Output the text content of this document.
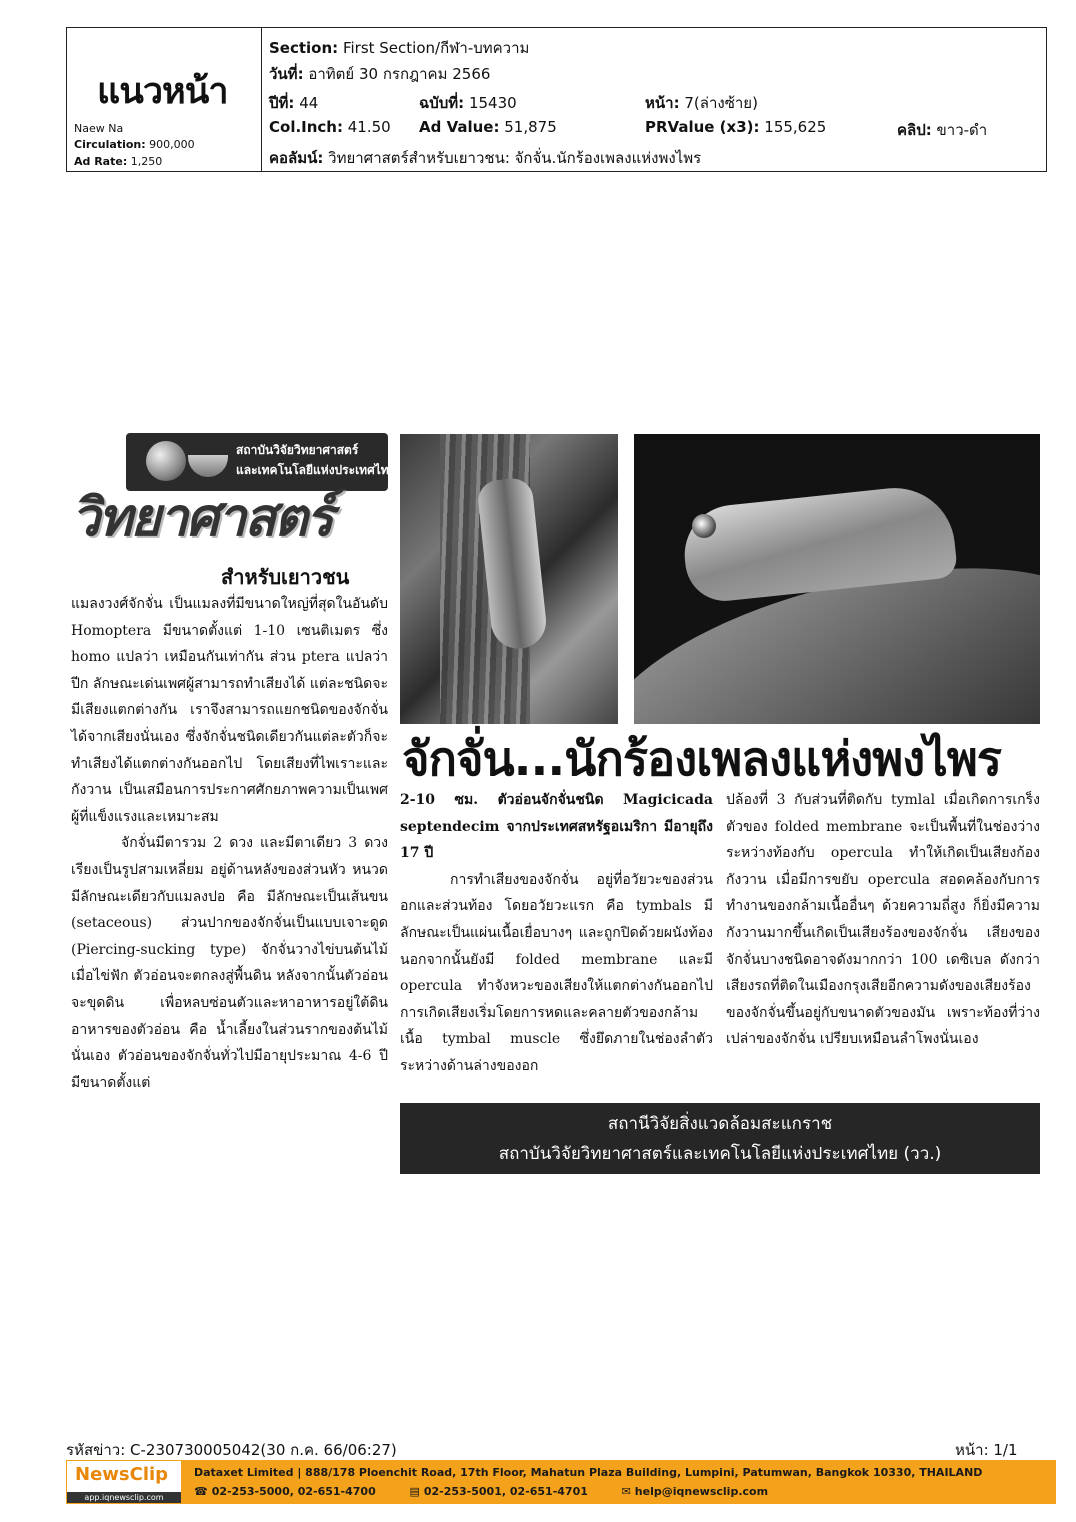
แนวหน้า
Naew Na
Circulation: 900,000
Ad Rate: 1,250
Section: First Section/กีฬา-บทความ
วันที่: อาทิตย์ 30 กรกฎาคม 2566
ปีที่: 44	ฉบับที่: 15430	หน้า: 7(ล่างซ้าย)
Col.Inch: 41.50 Ad Value: 51,875	PRValue (x3): 155,625	คลิป: ขาว-ดำ
คอลัมน์: วิทยาศาสตร์สำหรับเยาวชน: จักจั่น.นักร้องเพลงแห่งพงไพร
สถาบันวิจัยวิทยาศาสตร์
และเทคโนโลยีแห่งประเทศไทย
วิทยาศาสตร์
สำหรับเยาวชน

แมลงวงศ์จักจั่น เป็นแมลงที่มีขนาดใหญ่ที่สุดในอันดับ Homoptera มีขนาดตั้งแต่ 1-10 เซนติเมตร ซึ่ง homo แปลว่า เหมือนกันเท่ากัน ส่วน ptera แปลว่า ปีก ลักษณะเด่นเพศผู้สามารถทำเสียงได้ แต่ละชนิดจะมีเสียงแตกต่างกัน เราจึงสามารถแยกชนิดของจักจั่นได้จากเสียงนั่นเอง ซึ่งจักจั่นชนิดเดียวกันแต่ละตัวก็จะทำเสียงได้แตกต่างกันออกไป โดยเสียงที่ไพเราะและกังวาน เป็นเสมือนการประกาศศักยภาพความเป็นเพศผู้ที่แข็งแรงและเหมาะสม

จักจั่นมีตารวม 2 ดวง และมีตาเดียว 3 ดวง เรียงเป็นรูปสามเหลี่ยม อยู่ด้านหลังของส่วนหัว หนวดมีลักษณะเดียวกับแมลงปอ คือ มีลักษณะเป็นเส้นขน (setaceous) ส่วนปากของจักจั่นเป็นแบบเจาะดูด (Piercing-sucking type) จักจั่นวางไข่บนต้นไม้ เมื่อไข่ฟัก ตัวอ่อนจะตกลงสู่พื้นดิน หลังจากนั้นตัวอ่อนจะขุดดิน เพื่อหลบซ่อนตัวและหาอาหารอยู่ใต้ดิน อาหารของตัวอ่อน คือ น้ำเลี้ยงในส่วนรากของต้นไม้นั่นเอง ตัวอ่อนของจักจั่นทั่วไปมีอายุประมาณ 4-6 ปี มีขนาดตั้งแต่

จักจั่น...นักร้องเพลงแห่งพงไพร

2-10 ซม. ตัวอ่อนจักจั่นชนิด Magicicada septendecim จากประเทศสหรัฐอเมริกา มีอายุถึง 17 ปี

การทำเสียงของจักจั่น อยู่ที่อวัยวะของส่วนอกและส่วนท้อง โดยอวัยวะแรก คือ tymbals มีลักษณะเป็นแผ่นเนื้อเยื่อบางๆ และถูกปิดด้วยผนังท้อง นอกจากนั้นยังมี folded membrane และมี opercula ทำจังหวะของเสียงให้แตกต่างกันออกไป การเกิดเสียงเริ่มโดยการหดและคลายตัวของกล้ามเนื้อ tymbal muscle ซึ่งยึดภายในช่องลำตัวระหว่างด้านล่างของอก

ปล้องที่ 3 กับส่วนที่ติดกับ tymlal เมื่อเกิดการเกร็งตัวของ folded membrane จะเป็นพื้นที่ในช่องว่างระหว่างท้องกับ opercula ทำให้เกิดเป็นเสียงก้องกังวาน เมื่อมีการขยับ opercula สอดคล้องกับการทำงานของกล้ามเนื้ออื่นๆ ด้วยความถี่สูง ก็ยิ่งมีความกังวานมากขึ้นเกิดเป็นเสียงร้องของจักจั่น เสียงของจักจั่นบางชนิดอาจดังมากกว่า 100 เดซิเบล ดังกว่าเสียงรถที่ติดในเมืองกรุงเสียอีกความดังของเสียงร้องของจักจั่นขึ้นอยู่กับขนาดตัวของมัน เพราะท้องที่ว่างเปล่าของจักจั่น เปรียบเหมือนลำโพงนั่นเอง

สถานีวิจัยสิ่งแวดล้อมสะแกราช
สถาบันวิจัยวิทยาศาสตร์และเทคโนโลยีแห่งประเทศไทย (วว.)
รหัสข่าว: C-230730005042(30 ก.ค. 66/06:27)	หน้า: 1/1
NewsClip
app.iqnewsclip.com
Dataxet Limited | 888/178 Ploenchit Road, 17th Floor, Mahatun Plaza Building, Lumpini, Patumwan, Bangkok 10330, THAILAND
☎ 02-253-5000, 02-651-4700	▤ 02-253-5001, 02-651-4701	✉ help@iqnewsclip.com
